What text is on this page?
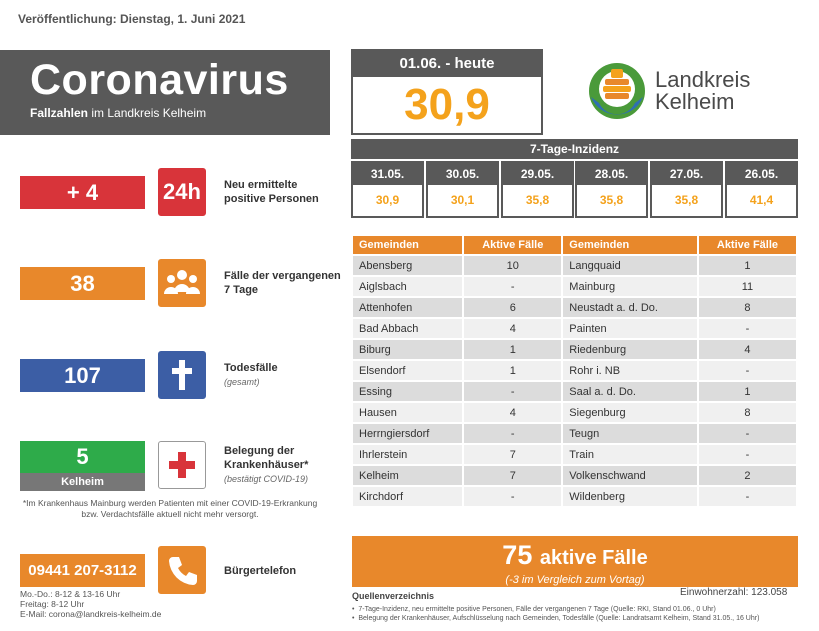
Veröffentlichung: Dienstag, 1. Juni 2021
Coronavirus
Fallzahlen im Landkreis Kelheim
01.06. - heute
30,9
Landkreis
Kelheim
7-Tage-Inzidenz
31.05.
30,9
30.05.
30,1
29.05.
35,8
28.05.
35,8
27.05.
35,8
26.05.
41,4
+ 4	24h	Neu ermittelte positive Personen
38	Fälle der vergangenen 7 Tage
107	Todesfälle
(gesamt)
5
Kelheim
Belegung der Krankenhäuser*
(bestätigt COVID-19)
*Im Krankenhaus Mainburg werden Patienten mit einer COVID-19-Erkrankung bzw. Verdachtsfälle aktuell nicht mehr versorgt.
09441 207-3112	Bürgertelefon
Mo.-Do.: 8-12 & 13-16 Uhr
Freitag: 8-12 Uhr
E-Mail: corona@landkreis-kelheim.de
Gemeinden	Aktive Fälle	Gemeinden	Aktive Fälle
Abensberg	10	Langquaid	1
Aiglsbach	-	Mainburg	11
Attenhofen	6	Neustadt a. d. Do.	8
Bad Abbach	4	Painten	-
Biburg	1	Riedenburg	4
Elsendorf	1	Rohr i. NB	-
Essing	-	Saal a. d. Do.	1
Hausen	4	Siegenburg	8
Herrngiersdorf	-	Teugn	-
Ihrlerstein	7	Train	-
Kelheim	7	Volkenschwand	2
Kirchdorf	-	Wildenberg	-
75 aktive Fälle
(-3 im Vergleich zum Vortag)
Einwohnerzahl: 123.058
Quellenverzeichnis
•  7-Tage-Inzidenz, neu ermittelte positive Personen, Fälle der vergangenen 7 Tage (Quelle: RKI, Stand 01.06., 0 Uhr)
•  Belegung der Krankenhäuser, Aufschlüsselung nach Gemeinden, Todesfälle (Quelle: Landratsamt Kelheim, Stand 31.05., 16 Uhr)
